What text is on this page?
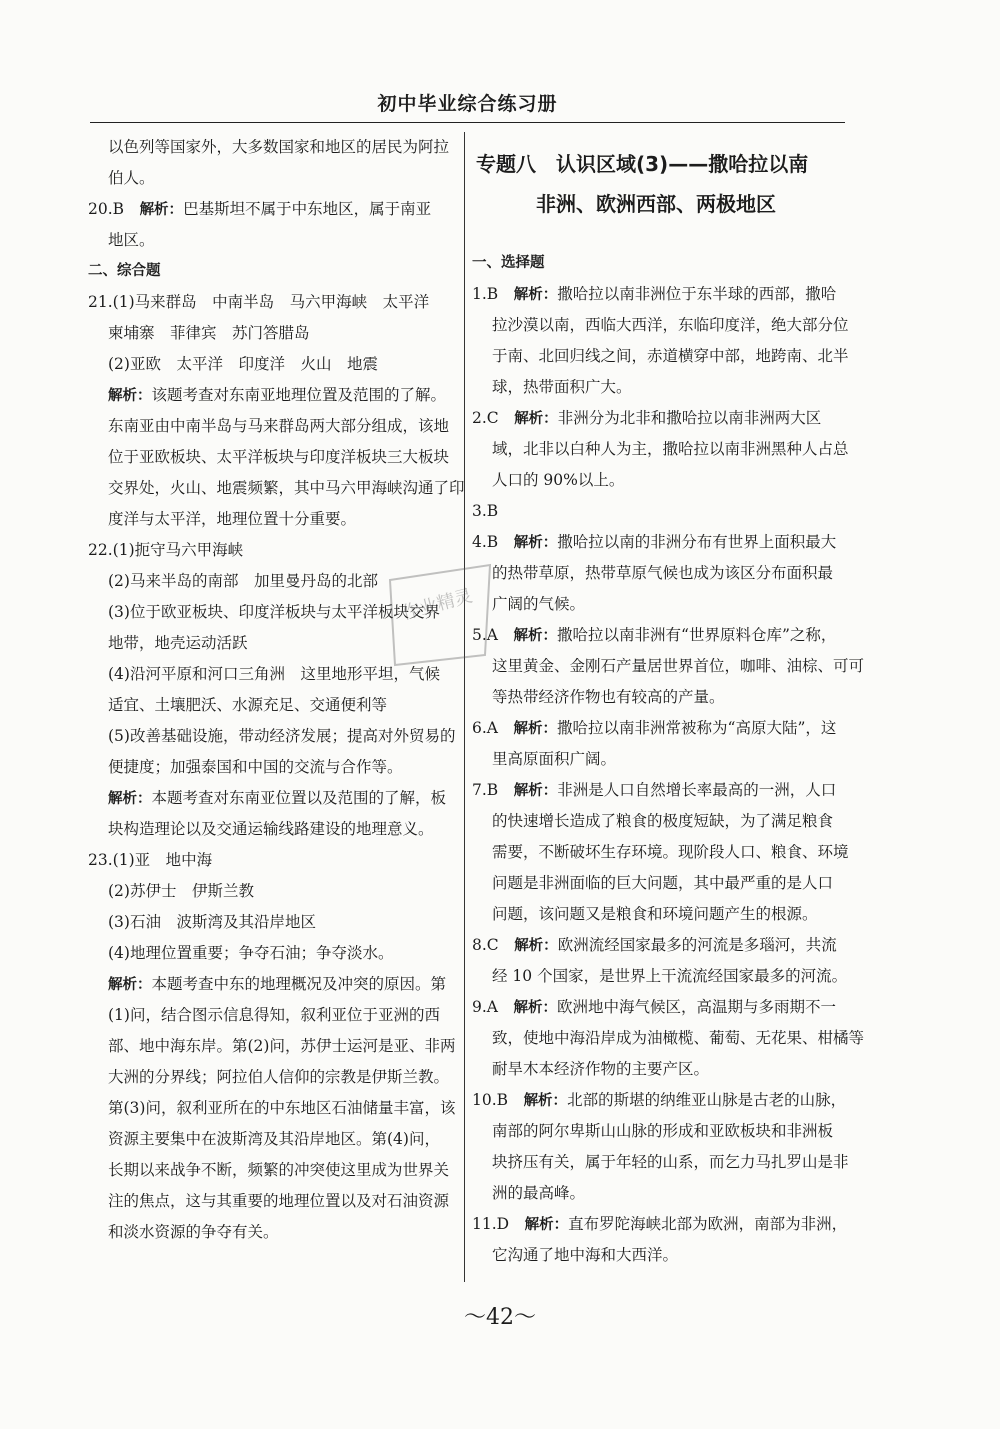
初中毕业综合练习册
以色列等国家外，大多数国家和地区的居民为阿拉
伯人。
20.B　 解析：巴基斯坦不属于中东地区，属于南亚
地区。
二、综合题
21.(1)马来群岛　中南半岛　马六甲海峡　太平洋
柬埔寨　菲律宾　苏门答腊岛
(2)亚欧　太平洋　印度洋　火山　地震
解析：该题考查对东南亚地理位置及范围的了解。
东南亚由中南半岛与马来群岛两大部分组成，该地
位于亚欧板块、太平洋板块与印度洋板块三大板块
交界处，火山、地震频繁，其中马六甲海峡沟通了印
度洋与太平洋，地理位置十分重要。
22.(1)扼守马六甲海峡
(2)马来半岛的南部　加里曼丹岛的北部
(3)位于欧亚板块、印度洋板块与太平洋板块交界
地带，地壳运动活跃
(4)沿河平原和河口三角洲　这里地形平坦，气候
适宜、土壤肥沃、水源充足、交通便利等
(5)改善基础设施，带动经济发展；提高对外贸易的
便捷度；加强泰国和中国的交流与合作等。
解析：本题考查对东南亚位置以及范围的了解，板
块构造理论以及交通运输线路建设的地理意义。
23.(1)亚　地中海
(2)苏伊士　伊斯兰教
(3)石油　波斯湾及其沿岸地区
(4)地理位置重要；争夺石油；争夺淡水。
解析：本题考查中东的地理概况及冲突的原因。第
(1)问，结合图示信息得知，叙利亚位于亚洲的西
部、地中海东岸。第(2)问，苏伊士运河是亚、非两
大洲的分界线；阿拉伯人信仰的宗教是伊斯兰教。
第(3)问，叙利亚所在的中东地区石油储量丰富，该
资源主要集中在波斯湾及其沿岸地区。第(4)问，
长期以来战争不断，频繁的冲突使这里成为世界关
注的焦点，这与其重要的地理位置以及对石油资源
和淡水资源的争夺有关。
专题八　认识区域(3)——撒哈拉以南
非洲、欧洲西部、两极地区
一、选择题
1.B　 解析：撒哈拉以南非洲位于东半球的西部，撒哈
拉沙漠以南，西临大西洋，东临印度洋，绝大部分位
于南、北回归线之间，赤道横穿中部，地跨南、北半
球，热带面积广大。
2.C　 解析：非洲分为北非和撒哈拉以南非洲两大区
域，北非以白种人为主，撒哈拉以南非洲黑种人占总
人口的 90%以上。
3.B
4.B　 解析：撒哈拉以南的非洲分布有世界上面积最大
的热带草原，热带草原气候也成为该区分布面积最
广阔的气候。
5.A　 解析：撒哈拉以南非洲有“世界原料仓库”之称，
这里黄金、金刚石产量居世界首位，咖啡、油棕、可可
等热带经济作物也有较高的产量。
6.A　 解析：撒哈拉以南非洲常被称为“高原大陆”，这
里高原面积广阔。
7.B　 解析：非洲是人口自然增长率最高的一洲，人口
的快速增长造成了粮食的极度短缺，为了满足粮食
需要，不断破坏生存环境。现阶段人口、粮食、环境
问题是非洲面临的巨大问题，其中最严重的是人口
问题，该问题又是粮食和环境问题产生的根源。
8.C　 解析：欧洲流经国家最多的河流是多瑙河，共流
经 10 个国家，是世界上干流流经国家最多的河流。
9.A　 解析：欧洲地中海气候区，高温期与多雨期不一
致，使地中海沿岸成为油橄榄、葡萄、无花果、柑橘等
耐旱木本经济作物的主要产区。
10.B　 解析：北部的斯堪的纳维亚山脉是古老的山脉，
南部的阿尔卑斯山山脉的形成和亚欧板块和非洲板
块挤压有关，属于年轻的山系，而乞力马扎罗山是非
洲的最高峰。
11.D　 解析：直布罗陀海峡北部为欧洲，南部为非洲，
它沟通了地中海和大西洋。
作业精灵
～42～
